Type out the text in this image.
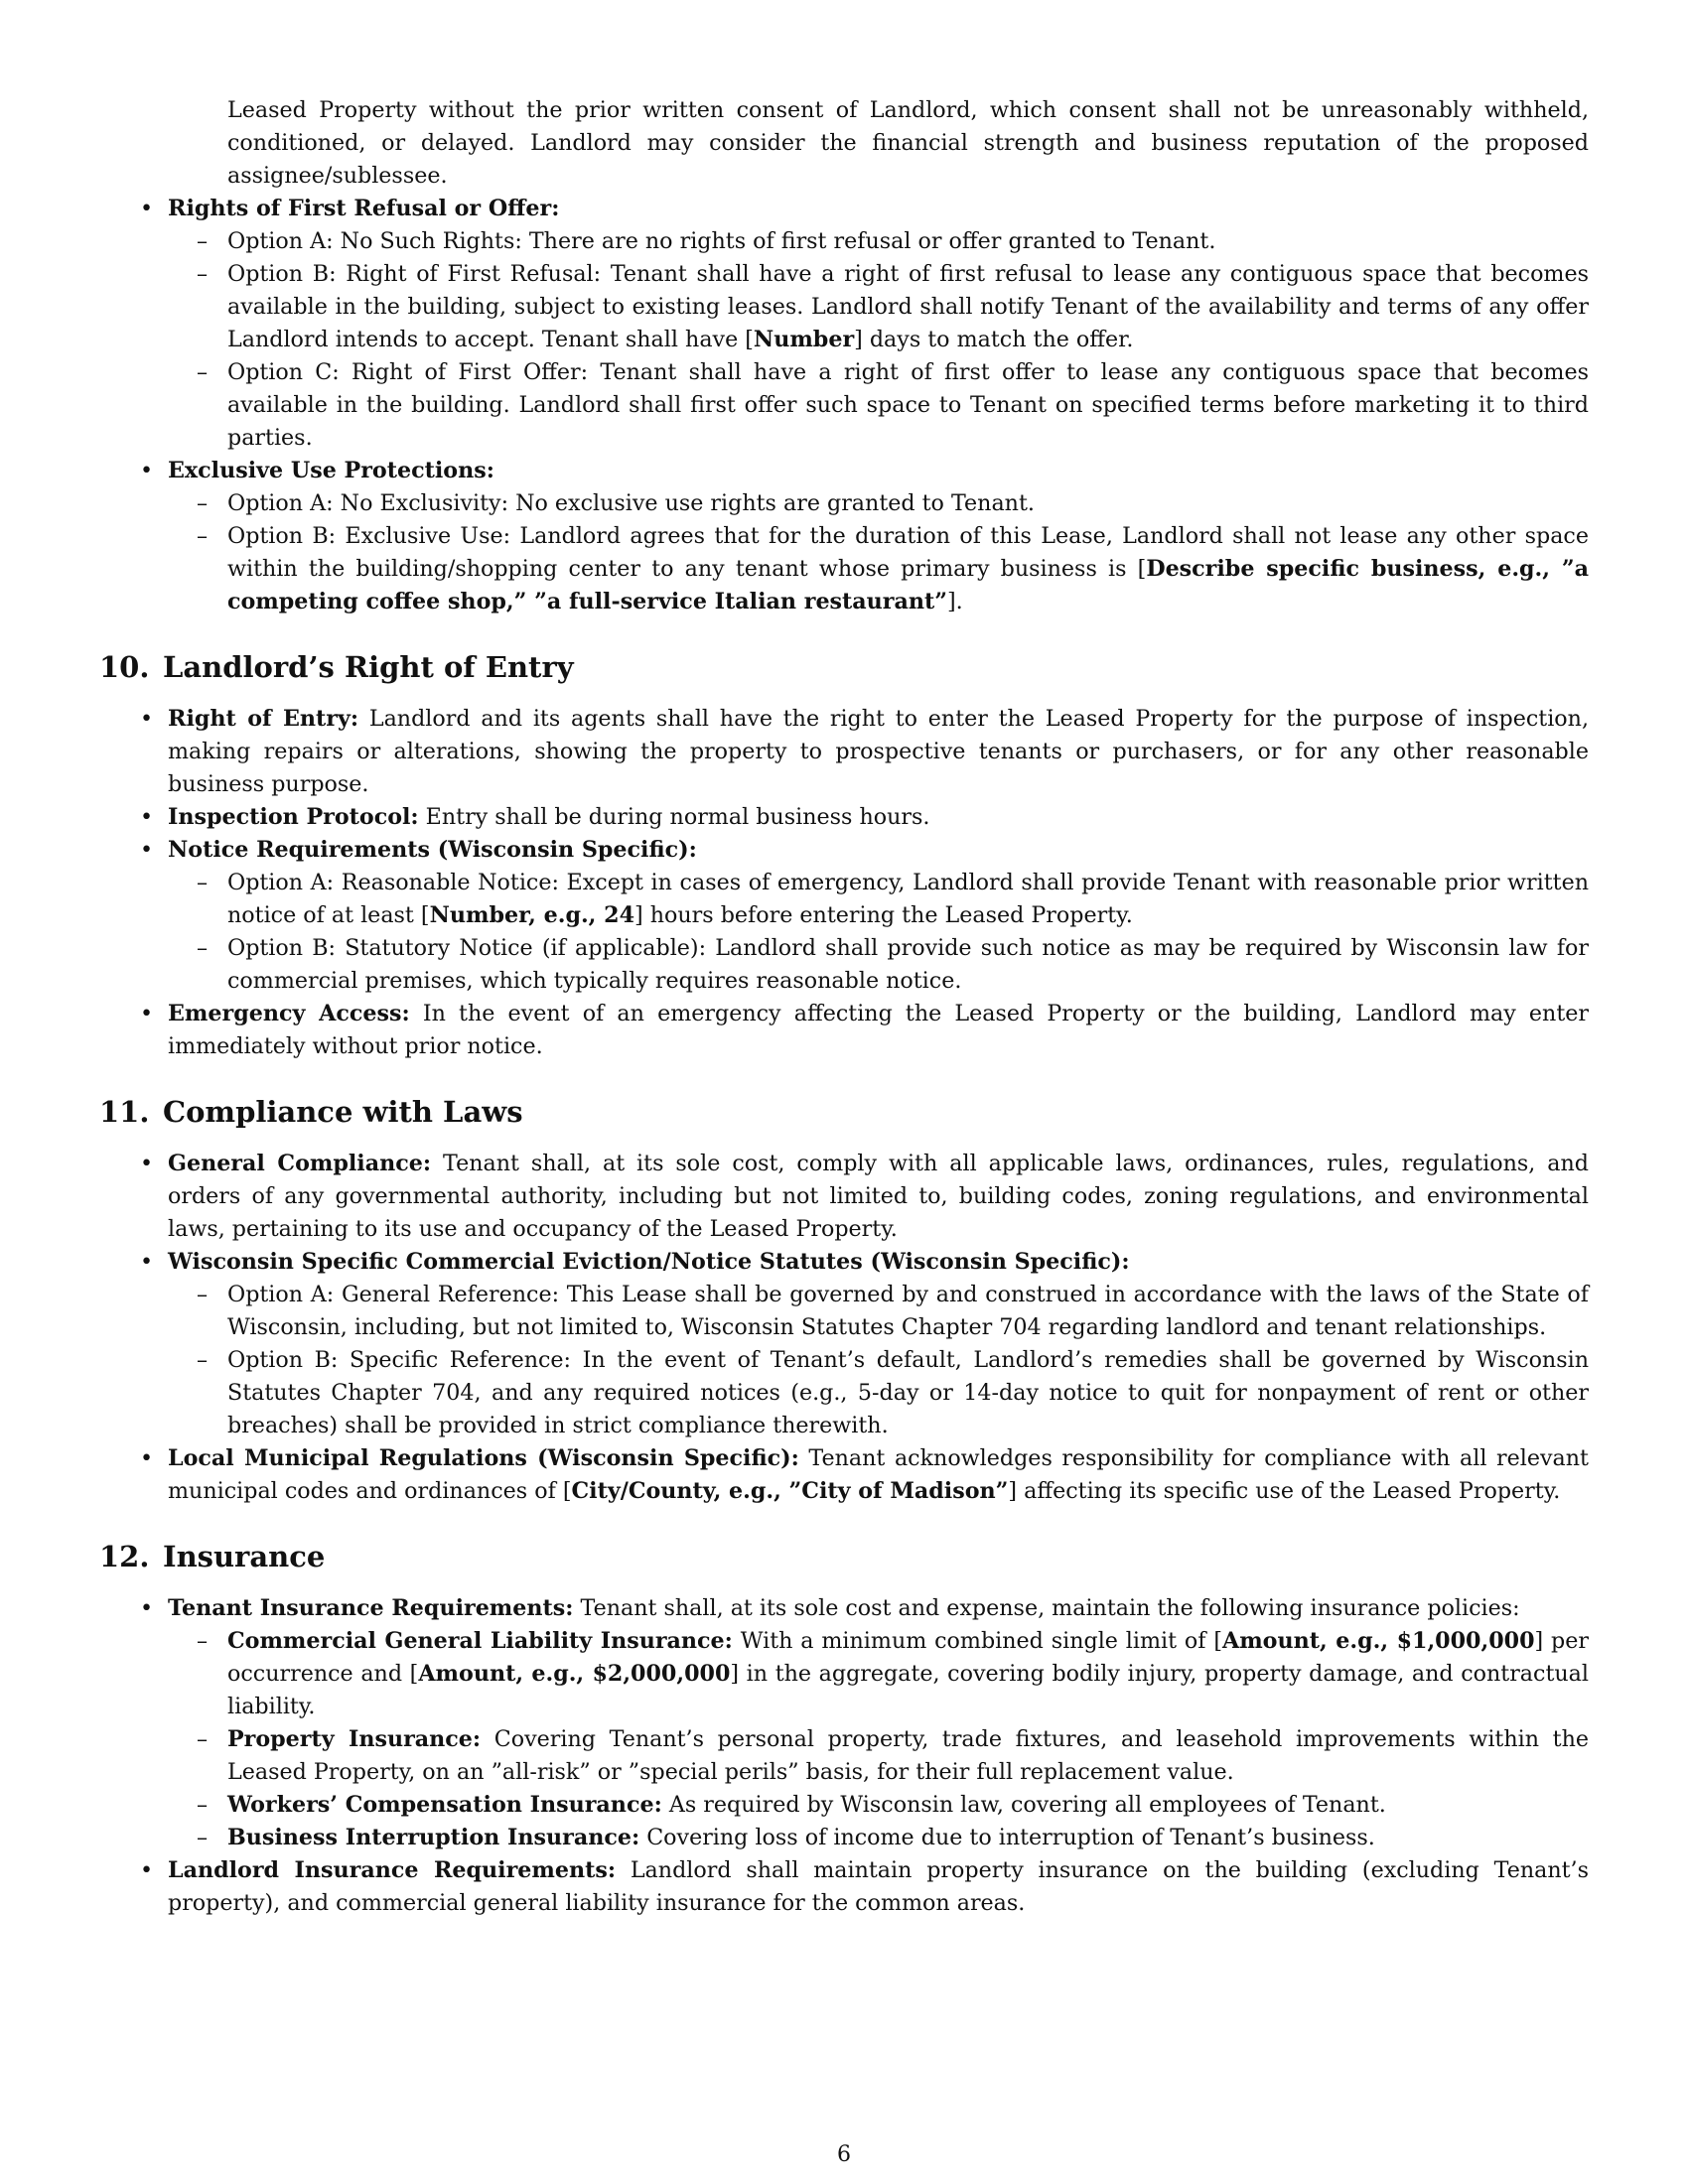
Leased Property without the prior written consent of Landlord, which consent shall not be unreasonably withheld, conditioned, or delayed. Landlord may consider the financial strength and business reputation of the proposed assignee/sublessee.

• Rights of First Refusal or Offer:
– Option A: No Such Rights: There are no rights of first refusal or offer granted to Tenant.
– Option B: Right of First Refusal: Tenant shall have a right of first refusal to lease any contiguous space that becomes available in the building, subject to existing leases. Landlord shall notify Tenant of the availability and terms of any offer Landlord intends to accept. Tenant shall have [Number] days to match the offer.
– Option C: Right of First Offer: Tenant shall have a right of first offer to lease any contiguous space that becomes available in the building. Landlord shall first offer such space to Tenant on specified terms before marketing it to third parties.
• Exclusive Use Protections:
– Option A: No Exclusivity: No exclusive use rights are granted to Tenant.
– Option B: Exclusive Use: Landlord agrees that for the duration of this Lease, Landlord shall not lease any other space within the building/shopping center to any tenant whose primary business is [Describe specific business, e.g., ”a competing coffee shop,” ”a full-service Italian restaurant”].
10. Landlord’s Right of Entry
• Right of Entry: Landlord and its agents shall have the right to enter the Leased Property for the purpose of inspection, making repairs or alterations, showing the property to prospective tenants or purchasers, or for any other reasonable business purpose.
• Inspection Protocol: Entry shall be during normal business hours.
• Notice Requirements (Wisconsin Specific):
– Option A: Reasonable Notice: Except in cases of emergency, Landlord shall provide Tenant with reasonable prior written notice of at least [Number, e.g., 24] hours before entering the Leased Property.
– Option B: Statutory Notice (if applicable): Landlord shall provide such notice as may be required by Wisconsin law for commercial premises, which typically requires reasonable notice.
• Emergency Access: In the event of an emergency affecting the Leased Property or the building, Landlord may enter immediately without prior notice.
11. Compliance with Laws
• General Compliance: Tenant shall, at its sole cost, comply with all applicable laws, ordinances, rules, regulations, and orders of any governmental authority, including but not limited to, building codes, zoning regulations, and environmental laws, pertaining to its use and occupancy of the Leased Property.
• Wisconsin Specific Commercial Eviction/Notice Statutes (Wisconsin Specific):
– Option A: General Reference: This Lease shall be governed by and construed in accordance with the laws of the State of Wisconsin, including, but not limited to, Wisconsin Statutes Chapter 704 regarding landlord and tenant relationships.
– Option B: Specific Reference: In the event of Tenant’s default, Landlord’s remedies shall be governed by Wisconsin Statutes Chapter 704, and any required notices (e.g., 5-day or 14-day notice to quit for nonpayment of rent or other breaches) shall be provided in strict compliance therewith.
• Local Municipal Regulations (Wisconsin Specific): Tenant acknowledges responsibility for compliance with all relevant municipal codes and ordinances of [City/County, e.g., ”City of Madison”] affecting its specific use of the Leased Property.
12. Insurance
• Tenant Insurance Requirements: Tenant shall, at its sole cost and expense, maintain the following insurance policies:
– Commercial General Liability Insurance: With a minimum combined single limit of [Amount, e.g., $1,000,000] per occurrence and [Amount, e.g., $2,000,000] in the aggregate, covering bodily injury, property damage, and contractual liability.
– Property Insurance: Covering Tenant’s personal property, trade fixtures, and leasehold improvements within the Leased Property, on an ”all-risk” or ”special perils” basis, for their full replacement value.
– Workers’ Compensation Insurance: As required by Wisconsin law, covering all employees of Tenant.
– Business Interruption Insurance: Covering loss of income due to interruption of Tenant’s business.
• Landlord Insurance Requirements: Landlord shall maintain property insurance on the building (excluding Tenant’s property), and commercial general liability insurance for the common areas.
6
